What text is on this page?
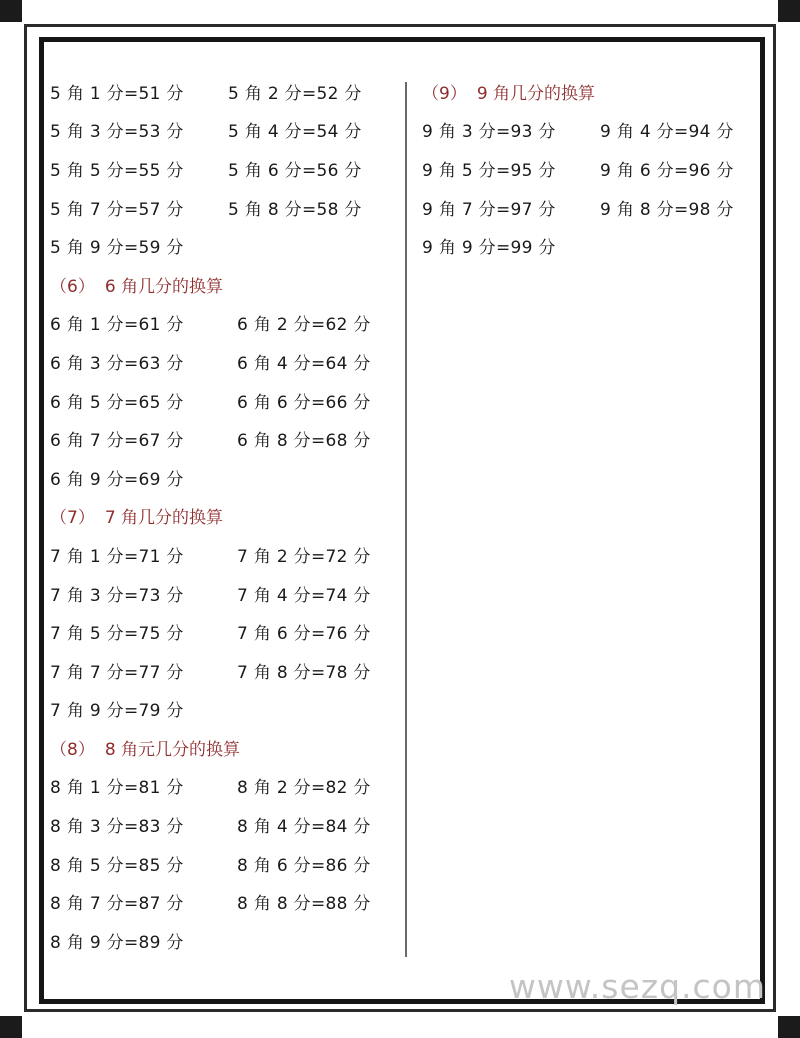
5 角 1 分=51 分	5 角 2 分=52 分
5 角 3 分=53 分	5 角 4 分=54 分
5 角 5 分=55 分	5 角 6 分=56 分
5 角 7 分=57 分	5 角 8 分=58 分
5 角 9 分=59 分
（6） 6 角几分的换算
6 角 1 分=61 分	6 角 2 分=62 分
6 角 3 分=63 分	6 角 4 分=64 分
6 角 5 分=65 分	6 角 6 分=66 分
6 角 7 分=67 分	6 角 8 分=68 分
6 角 9 分=69 分
（7） 7 角几分的换算
7 角 1 分=71 分	7 角 2 分=72 分
7 角 3 分=73 分	7 角 4 分=74 分
7 角 5 分=75 分	7 角 6 分=76 分
7 角 7 分=77 分	7 角 8 分=78 分
7 角 9 分=79 分
（8） 8 角元几分的换算
8 角 1 分=81 分	8 角 2 分=82 分
8 角 3 分=83 分	8 角 4 分=84 分
8 角 5 分=85 分	8 角 6 分=86 分
8 角 7 分=87 分	8 角 8 分=88 分
8 角 9 分=89 分
（9） 9 角几分的换算
9 角 3 分=93 分	9 角 4 分=94 分
9 角 5 分=95 分	9 角 6 分=96 分
9 角 7 分=97 分	9 角 8 分=98 分
9 角 9 分=99 分
www.sezq.com
